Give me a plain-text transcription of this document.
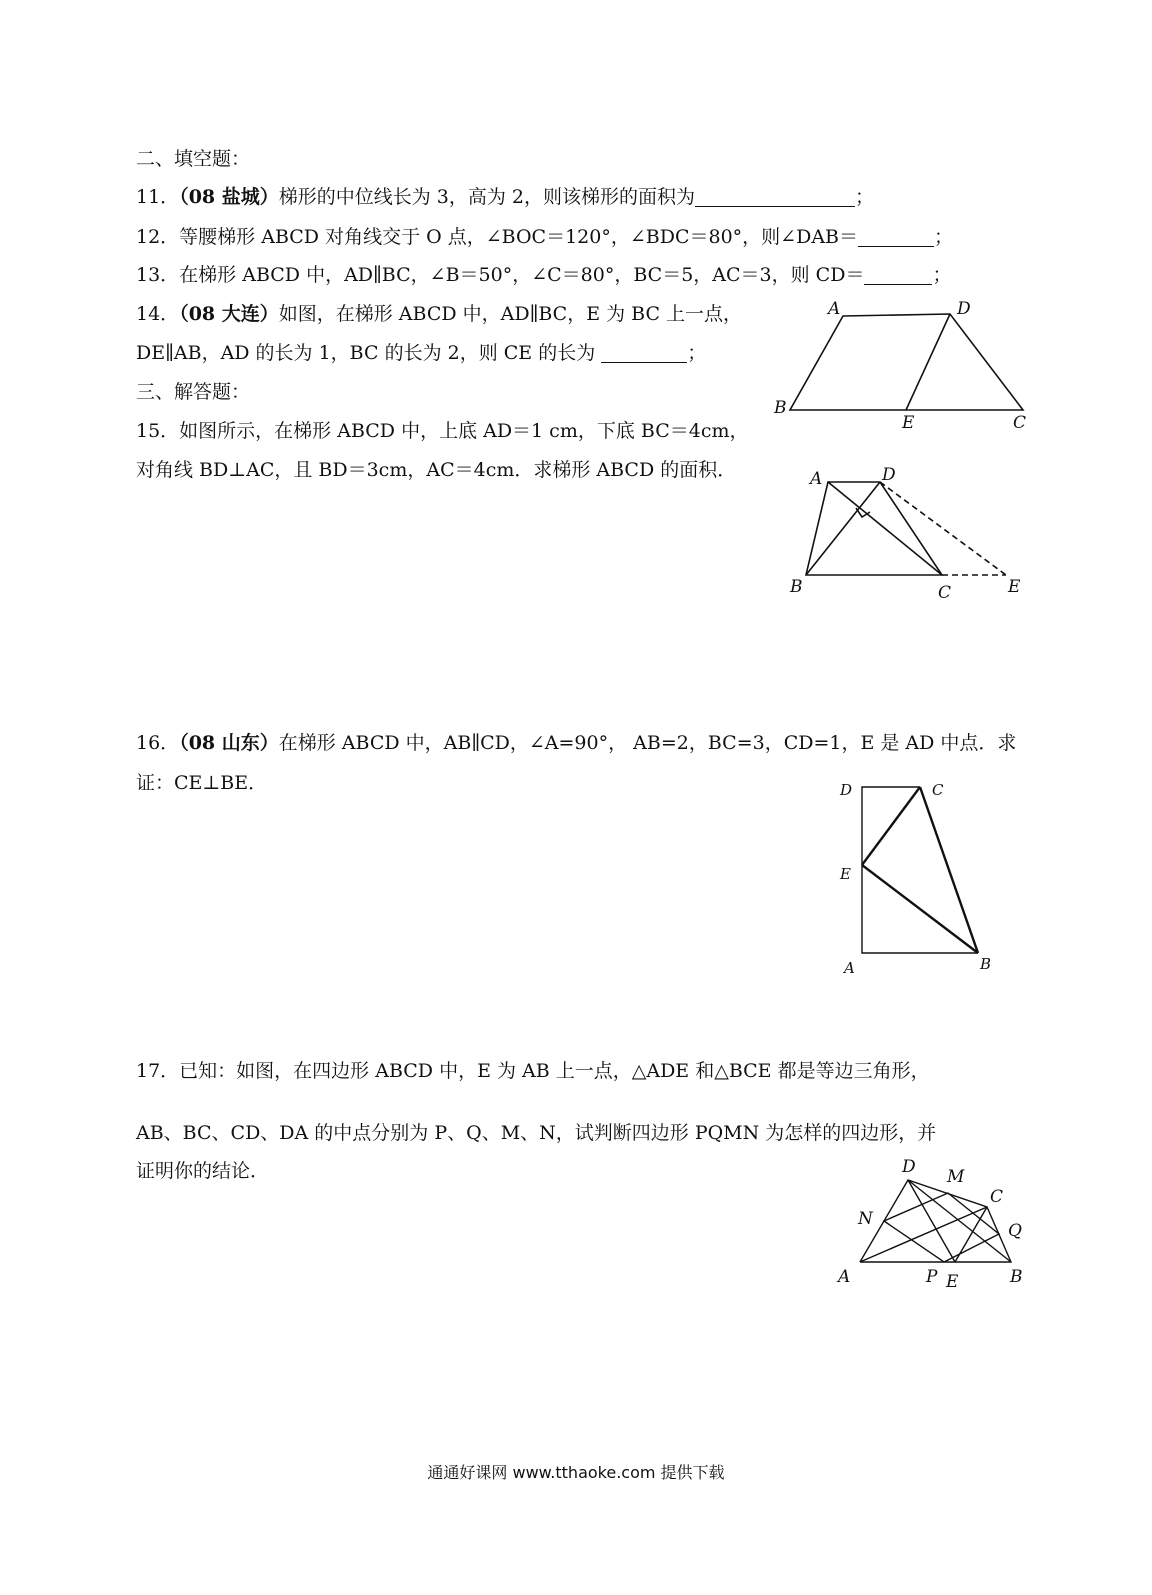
二、填空题：
11．（08 盐城）梯形的中位线长为 3，高为 2，则该梯形的面积为	；
12．等腰梯形 ABCD 对角线交于 O 点，∠BOC＝120°，∠BDC＝80°，则∠DAB＝	；
13．在梯形 ABCD 中，AD∥BC，∠B＝50°，∠C＝80°，BC＝5，AC＝3，则 CD＝	；
14．（08 大连）如图，在梯形 ABCD 中，AD∥BC，E 为 BC 上一点，
DE∥AB，AD 的长为 1，BC 的长为 2，则 CE 的长为	；
三、解答题：
15．如图所示，在梯形 ABCD 中，上底 AD＝1 cm，下底 BC＝4cm，
对角线 BD⊥AC，且 BD＝3cm，AC＝4cm．求梯形 ABCD 的面积．
16．（08 山东）在梯形 ABCD 中，AB∥CD，∠A=90°， AB=2，BC=3，CD=1，E 是 AD 中点．求
证：CE⊥BE．
17．已知：如图，在四边形 ABCD 中，E 为 AB 上一点，△ADE 和△BCE 都是等边三角形，
AB、BC、CD、DA 的中点分别为 P、Q、M、N，试判断四边形 PQMN 为怎样的四边形，并
证明你的结论．
A	D
B
E	C
A	D
B	C	E
D	C
E
A	B
D M
C
N
Q
A	P E	B
通通好课网 www.tthaoke.com 提供下载
